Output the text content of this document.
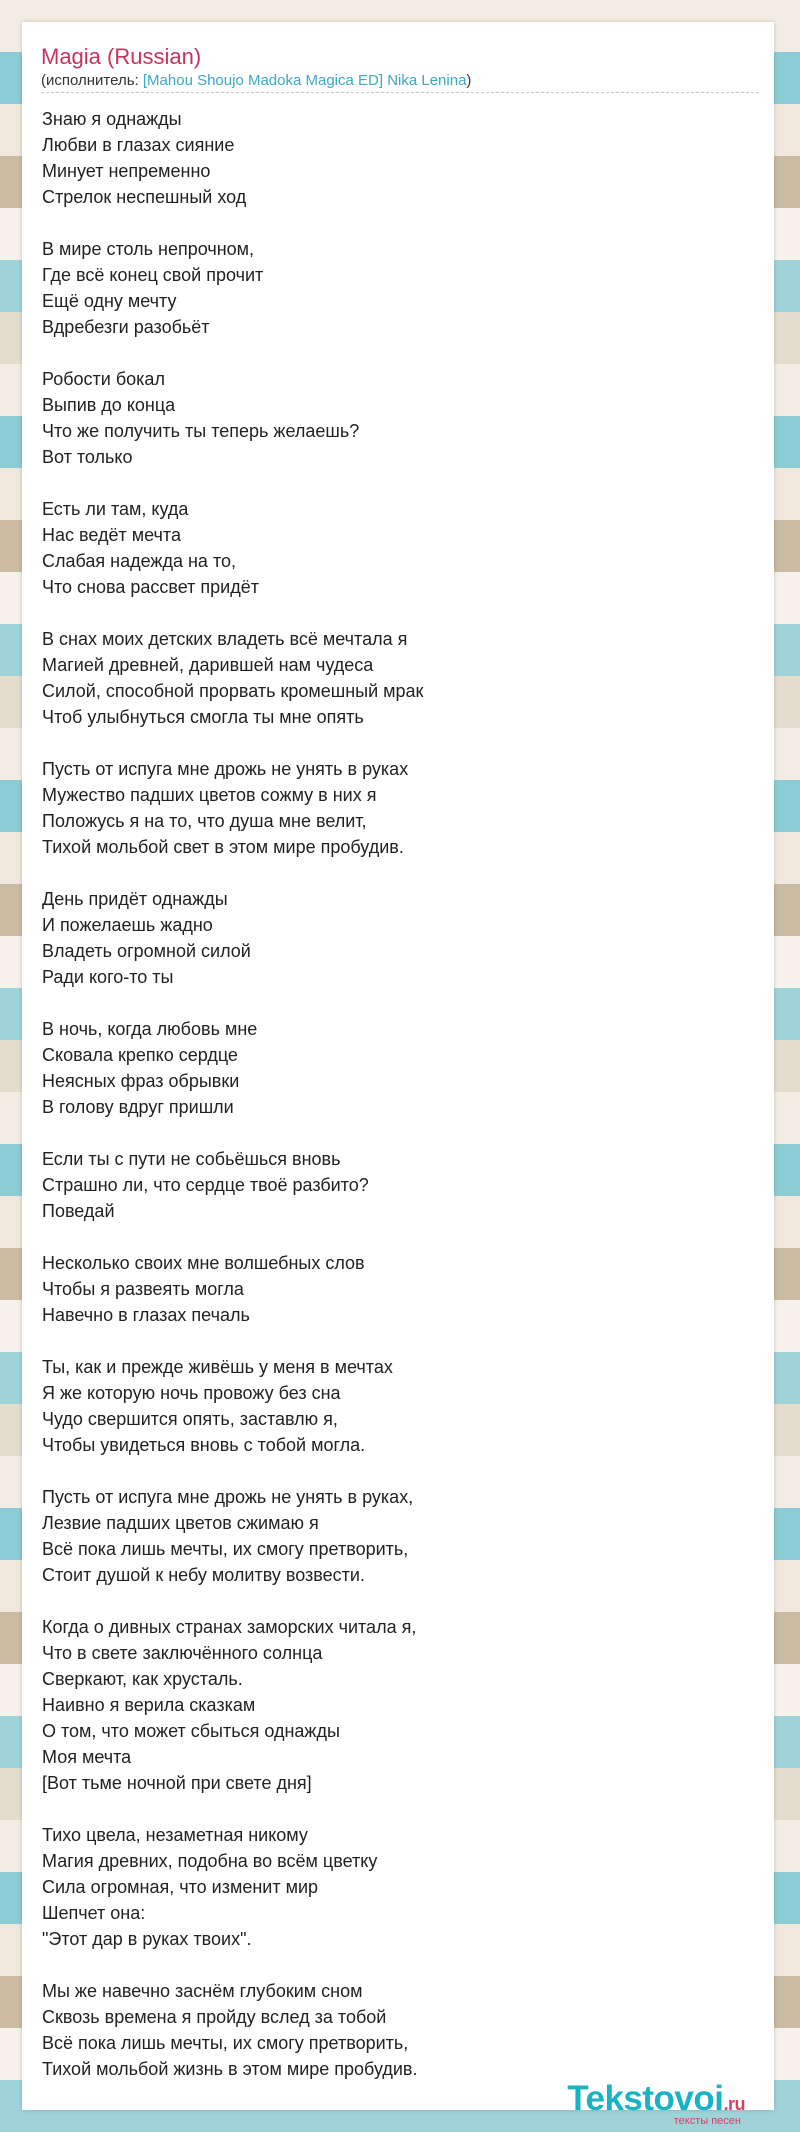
Magia (Russian)
(исполнитель: [Mahou Shoujo Madoka Magica ED] Nika Lenina)
Знаю я однажды
Любви в глазах сияние
Минует непременно
Стрелок неспешный ход
В мире столь непрочном,
Где всё конец свой прочит
Ещё одну мечту
Вдребезги разобьёт
Робости бокал
Выпив до конца
Что же получить ты теперь желаешь?
Вот только
Есть ли там, куда
Нас ведёт мечта
Слабая надежда на то,
Что снова рассвет придёт
В снах моих детских владеть всё мечтала я
Магией древней, дарившей нам чудеса
Силой, способной прорвать кромешный мрак
Чтоб улыбнуться смогла ты мне опять
Пусть от испуга мне дрожь не унять в руках
Мужество падших цветов сожму в них я
Положусь я на то, что душа мне велит,
Тихой мольбой свет в этом мире пробудив.
День придёт однажды
И пожелаешь жадно
Владеть огромной силой
Ради кого-то ты
В ночь, когда любовь мне
Сковала крепко сердце
Неясных фраз обрывки
В голову вдруг пришли
Если ты с пути не собьёшься вновь
Страшно ли, что сердце твоё разбито?
Поведай
Несколько своих мне волшебных слов
Чтобы я развеять могла
Навечно в глазах печаль
Ты, как и прежде живёшь у меня в мечтах
Я же которую ночь провожу без сна
Чудо свершится опять, заставлю я,
Чтобы увидеться вновь с тобой могла.
Пусть от испуга мне дрожь не унять в руках,
Лезвие падших цветов сжимаю я
Всё пока лишь мечты, их смогу претворить,
Стоит душой к небу молитву возвести.
Когда о дивных странах заморских читала я,
Что в свете заключённого солнца
Сверкают, как хрусталь.
Наивно я верила сказкам
О том, что может сбыться однажды
Моя мечта
[Вот тьме ночной при свете дня]
Тихо цвела, незаметная никому
Магия древних, подобна во всём цветку
Сила огромная, что изменит мир
Шепчет она:
"Этот дар в руках твоих".
Мы же навечно заснём глубоким сном
Сквозь времена я пройду вслед за тобой
Всё пока лишь мечты, их смогу претворить,
Тихой мольбой жизнь в этом мире пробудив.
Tekstovoi.ru
тексты песен
